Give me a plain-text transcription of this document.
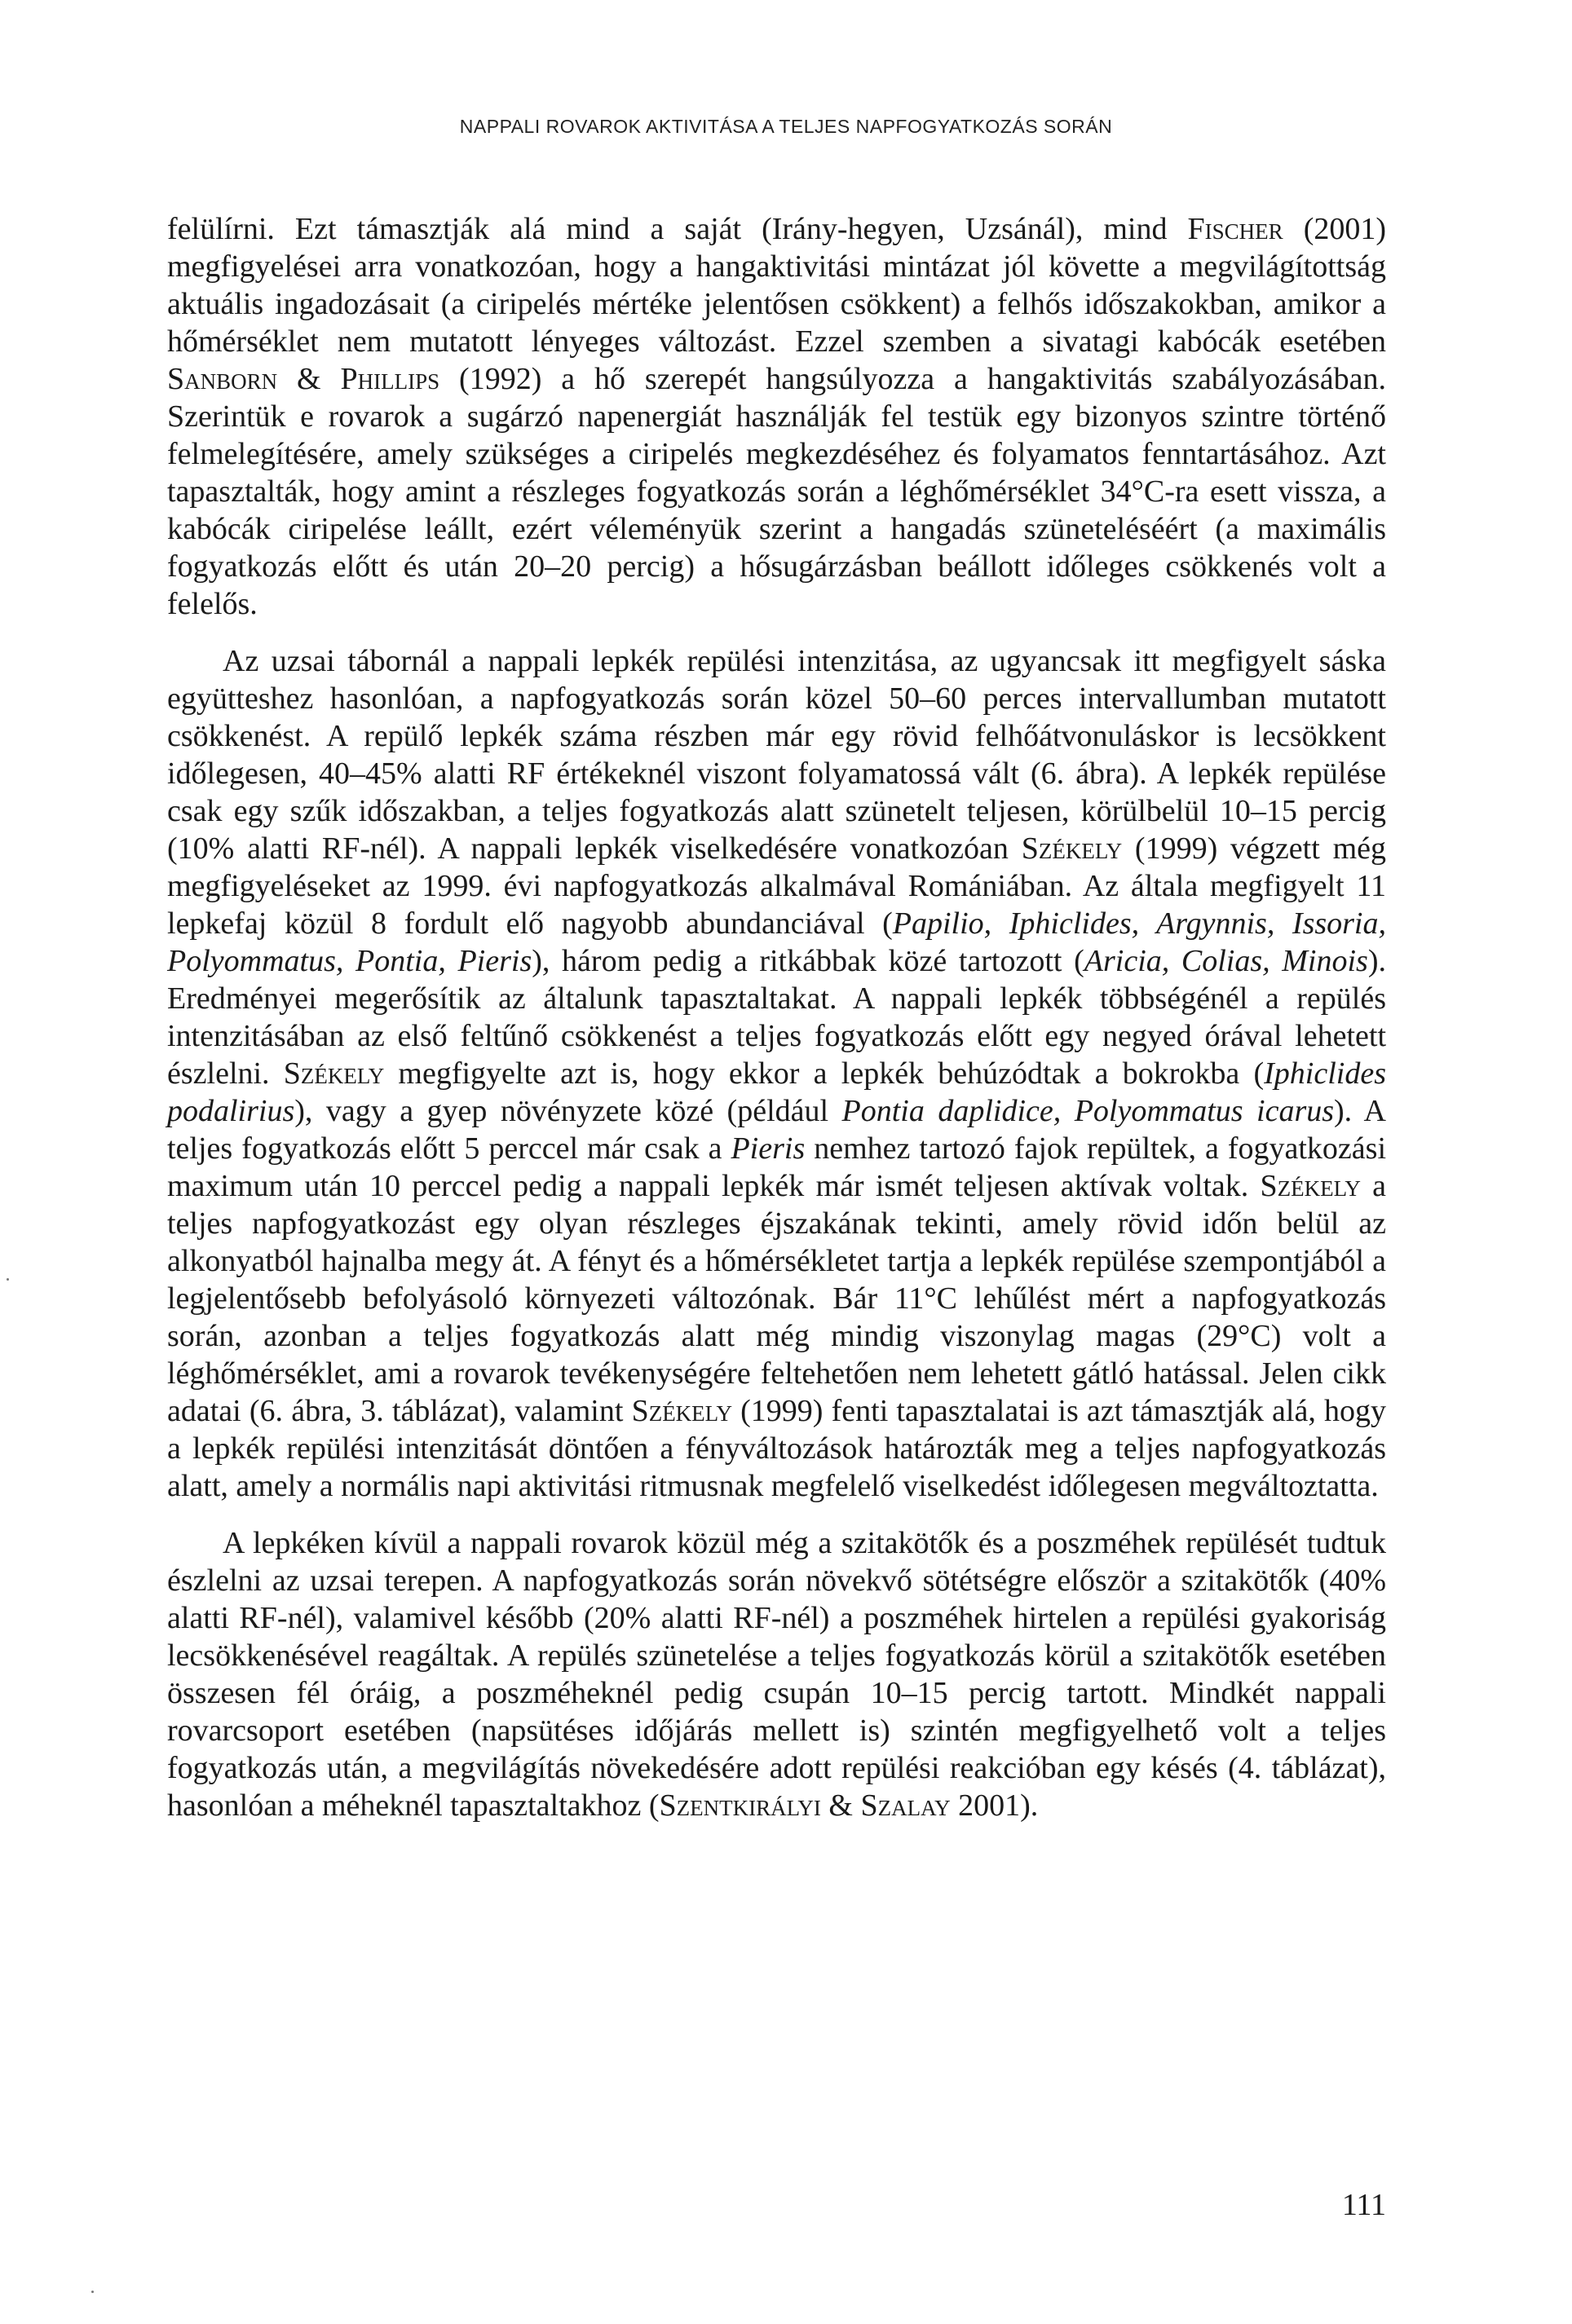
NAPPALI ROVAROK AKTIVITÁSA A TELJES NAPFOGYATKOZÁS SORÁN

felülírni. Ezt támasztják alá mind a saját (Irány-hegyen, Uzsánál), mind Fischer (2001) megfigyelései arra vonatkozóan, hogy a hangaktivitási mintázat jól követte a megvilágítottság aktuális ingadozásait (a ciripelés mértéke jelentősen csökkent) a felhős időszakokban, amikor a hőmérséklet nem mutatott lényeges változást. Ezzel szemben a sivatagi kabócák esetében Sanborn & Phillips (1992) a hő szerepét hangsúlyozza a hangaktivitás szabályozásában. Szerintük e rovarok a sugárzó napenergiát használják fel testük egy bizonyos szintre történő felmelegítésére, amely szükséges a ciripelés megkezdéséhez és folyamatos fenntartásához. Azt tapasztalták, hogy amint a részleges fogyatkozás során a léghőmérséklet 34°C-ra esett vissza, a kabócák ciripelése leállt, ezért véleményük szerint a hangadás szüneteléséért (a maximális fogyatkozás előtt és után 20–20 percig) a hősugárzásban beállott időleges csökkenés volt a felelős.

Az uzsai tábornál a nappali lepkék repülési intenzitása, az ugyancsak itt megfigyelt sáska együtteshez hasonlóan, a napfogyatkozás során közel 50–60 perces intervallumban mutatott csökkenést. A repülő lepkék száma részben már egy rövid felhőátvonuláskor is lecsökkent időlegesen, 40–45% alatti RF értékeknél viszont folyamatossá vált (6. ábra). A lepkék repülése csak egy szűk időszakban, a teljes fogyatkozás alatt szünetelt teljesen, körülbelül 10–15 percig (10% alatti RF-nél). A nappali lepkék viselkedésére vonatkozóan Székely (1999) végzett még megfigyeléseket az 1999. évi napfogyatkozás alkalmával Romániában. Az általa megfigyelt 11 lepkefaj közül 8 fordult elő nagyobb abundanciával (Papilio, Iphiclides, Argynnis, Issoria, Polyommatus, Pontia, Pieris), három pedig a ritkábbak közé tartozott (Aricia, Colias, Minois). Eredményei megerősítik az általunk tapasztaltakat. A nappali lepkék többségénél a repülés intenzitásában az első feltűnő csökkenést a teljes fogyatkozás előtt egy negyed órával lehetett észlelni. Székely megfigyelte azt is, hogy ekkor a lepkék behúzódtak a bokrokba (Iphiclides podalirius), vagy a gyep növényzete közé (például Pontia daplidice, Polyommatus icarus). A teljes fogyatkozás előtt 5 perccel már csak a Pieris nemhez tartozó fajok repültek, a fogyatkozási maximum után 10 perccel pedig a nappali lepkék már ismét teljesen aktívak voltak. Székely a teljes napfogyatkozást egy olyan részleges éjszakának tekinti, amely rövid időn belül az alkonyatból hajnalba megy át. A fényt és a hőmérsékletet tartja a lepkék repülése szempontjából a legjelentősebb befolyásoló környezeti változónak. Bár 11°C lehűlést mért a napfogyatkozás során, azonban a teljes fogyatkozás alatt még mindig viszonylag magas (29°C) volt a léghőmérséklet, ami a rovarok tevékenységére feltehetően nem lehetett gátló hatással. Jelen cikk adatai (6. ábra, 3. táblázat), valamint Székely (1999) fenti tapasztalatai is azt támasztják alá, hogy a lepkék repülési intenzitását döntően a fényváltozások határozták meg a teljes napfogyatkozás alatt, amely a normális napi aktivitási ritmusnak megfelelő viselkedést időlegesen megváltoztatta.

A lepkéken kívül a nappali rovarok közül még a szitakötők és a poszméhek repülését tudtuk észlelni az uzsai terepen. A napfogyatkozás során növekvő sötétségre először a szitakötők (40% alatti RF-nél), valamivel később (20% alatti RF-nél) a poszméhek hirtelen a repülési gyakoriság lecsökkenésével reagáltak. A repülés szünetelése a teljes fogyatkozás körül a szitakötők esetében összesen fél óráig, a poszméheknél pedig csupán 10–15 percig tartott. Mindkét nappali rovarcsoport esetében (napsütéses időjárás mellett is) szintén megfigyelhető volt a teljes fogyatkozás után, a megvilágítás növekedésére adott repülési reakcióban egy késés (4. táblázat), hasonlóan a méheknél tapasztaltakhoz (Szentkirályi & Szalay 2001).

111
